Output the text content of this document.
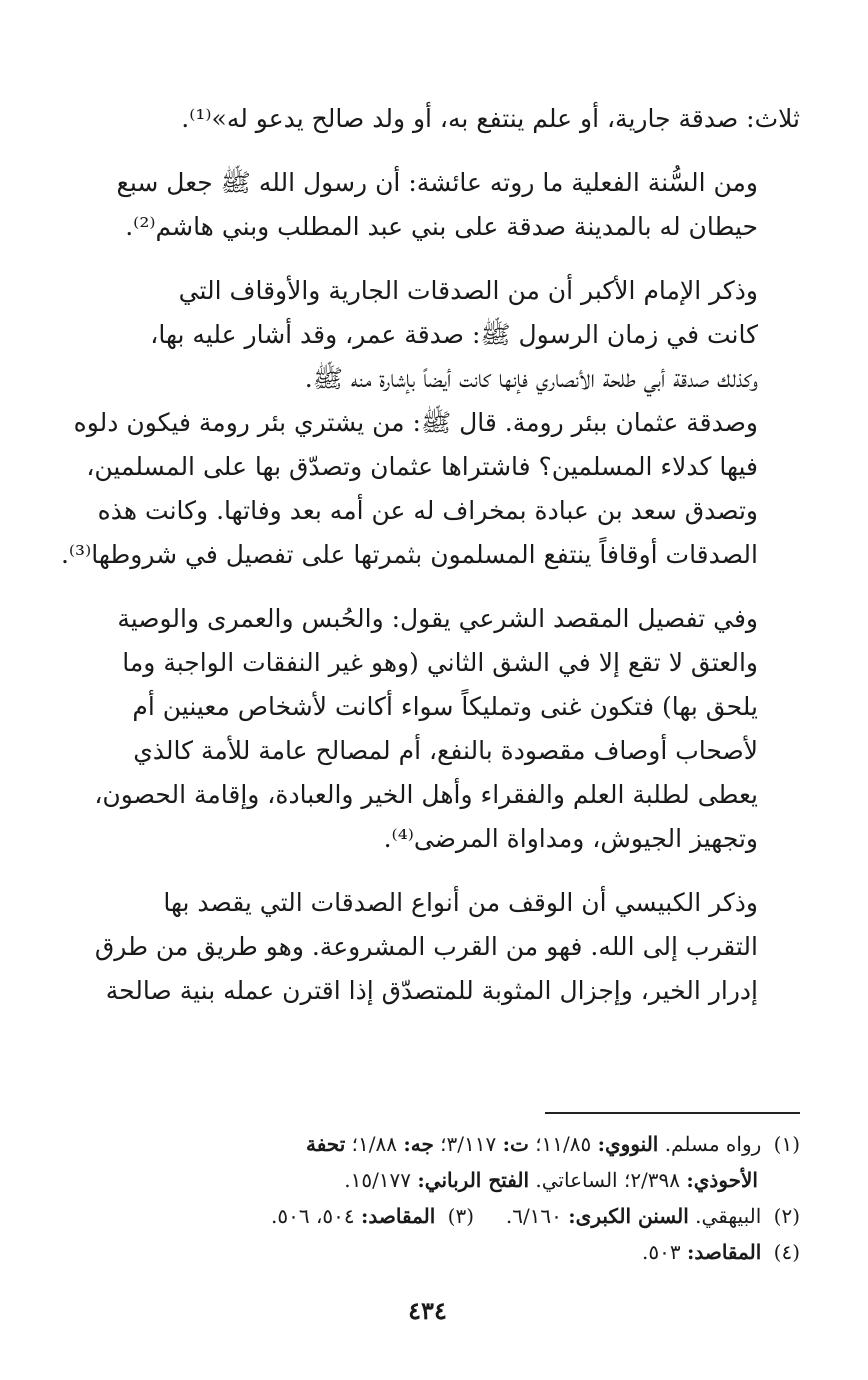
ثلاث: صدقة جارية، أو علم ينتفع به، أو ولد صالح يدعو له»⁽¹⁾.

ومن السُّنة الفعلية ما روته عائشة: أن رسول الله ﷺ جعل سبع
حيطان له بالمدينة صدقة على بني عبد المطلب وبني هاشم⁽²⁾.

وذكر الإمام الأكبر أن من الصدقات الجارية والأوقاف التي
كانت في زمان الرسول ﷺ: صدقة عمر، وقد أشار عليه بها،
وكذلك صدقة أبي طلحة الأنصاري فإنها كانت أيضاً بإشارة منه ﷺ.
وصدقة عثمان ببئر رومة. قال ﷺ: من يشتري بئر رومة فيكون دلوه
فيها كدلاء المسلمين؟ فاشتراها عثمان وتصدّق بها على المسلمين،
وتصدق سعد بن عبادة بمخراف له عن أمه بعد وفاتها. وكانت هذه
الصدقات أوقافاً ينتفع المسلمون بثمرتها على تفصيل في شروطها⁽³⁾.

وفي تفصيل المقصد الشرعي يقول: والحُبس والعمرى والوصية
والعتق لا تقع إلا في الشق الثاني (وهو غير النفقات الواجبة وما
يلحق بها) فتكون غنى وتمليكاً سواء أكانت لأشخاص معينين أم
لأصحاب أوصاف مقصودة بالنفع، أم لمصالح عامة للأمة كالذي
يعطى لطلبة العلم والفقراء وأهل الخير والعبادة، وإقامة الحصون،
وتجهيز الجيوش، ومداواة المرضى⁽⁴⁾.

وذكر الكبيسي أن الوقف من أنواع الصدقات التي يقصد بها
التقرب إلى الله. فهو من القرب المشروعة. وهو طريق من طرق
إدرار الخير، وإجزال المثوبة للمتصدّق إذا اقترن عمله بنية صالحة

(١) رواه مسلم. النووي: ١١/٨٥؛ ت: ٣/١١٧؛ جه: ١/٨٨؛ تحفة

الأحوذي: ٢/٣٩٨؛ الساعاتي. الفتح الرباني: ١٥/١٧٧.

(٢) البيهقي. السنن الكبرى: ٦/١٦٠.     (٣) المقاصد: ٥٠٤، ٥٠٦.

(٤) المقاصد: ٥٠٣.

٤٣٤
